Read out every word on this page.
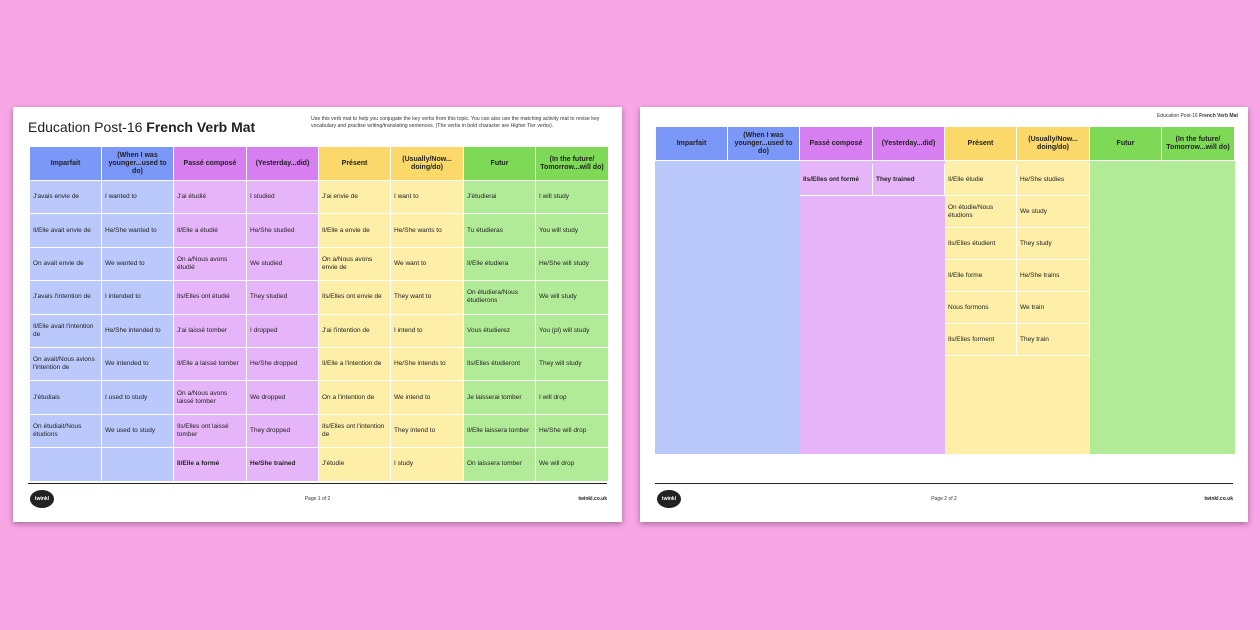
Education Post-16 French Verb Mat	Use this verb mat to help you conjugate the key verbs from this topic. You can also use the matching activity mat to revise key vocabulary and practise writing/translating sentences. (The verbs in bold character are Higher Tier verbs).
Imparfait	(When I was younger...used to do)	Passé composé	(Yesterday...did)	Présent	(Usually/Now... doing/do)	Futur	(In the future/ Tomorrow...will do)
J'avais envie de	I wanted to	J'ai étudié	I studied	J'ai envie de	I want to	J'étudierai	I will study
Il/Elle avait envie de	He/She wanted to	Il/Elle a étudié	He/She studied	Il/Elle a envie de	He/She wants to	Tu étudieras	You will study
On avait envie de	We wanted to	On a/Nous avons étudié	We studied	On a/Nous avons envie de	We want to	Il/Elle étudiera	He/She will study
J'avais l'intention de	I intended to	Ils/Elles ont étudié	They studied	Ils/Elles ont envie de	They want to	On étudiera/Nous étudierons	We will study
Il/Elle avait l'intention de	He/She intended to	J'ai laissé tomber	I dropped	J'ai l'intention de	I intend to	Vous étudierez	You (pl) will study
On avait/Nous avions l'intention de	We intended to	Il/Elle a laissé tomber	He/She dropped	Il/Elle a l'intention de	He/She intends to	Ils/Elles étudieront	They will study
J'étudiais	I used to study	On a/Nous avons laissé tomber	We dropped	On a l'intention de	We intend to	Je laisserai tomber	I will drop
On étudiait/Nous étudions	We used to study	Ils/Elles ont laissé tomber	They dropped	Ils/Elles ont l'intention de	They intend to	Il/Elle laissera tomber	He/She will drop
		Il/Elle a formé	He/She trained	J'étudie	I study	On laissera tomber	We will drop
twinkl	Page 1 of 2	twinkl.co.uk
Education Post-16 French Verb Mat
Imparfait	(When I was younger...used to do)	Passé composé	(Yesterday...did)	Présent	(Usually/Now... doing/do)	Futur	(In the future/ Tomorrow...will do)

		Ils/Elles ont formé	They trained	Il/Elle étudie	He/She studies		
				On étudie/Nous étudions	We study		
				Ils/Elles étudient	They study		
				Il/Elle forme	He/She trains		
				Nous formons	We train		
				Ils/Elles forment	They train		

twinkl	Page 2 of 2	twinkl.co.uk
